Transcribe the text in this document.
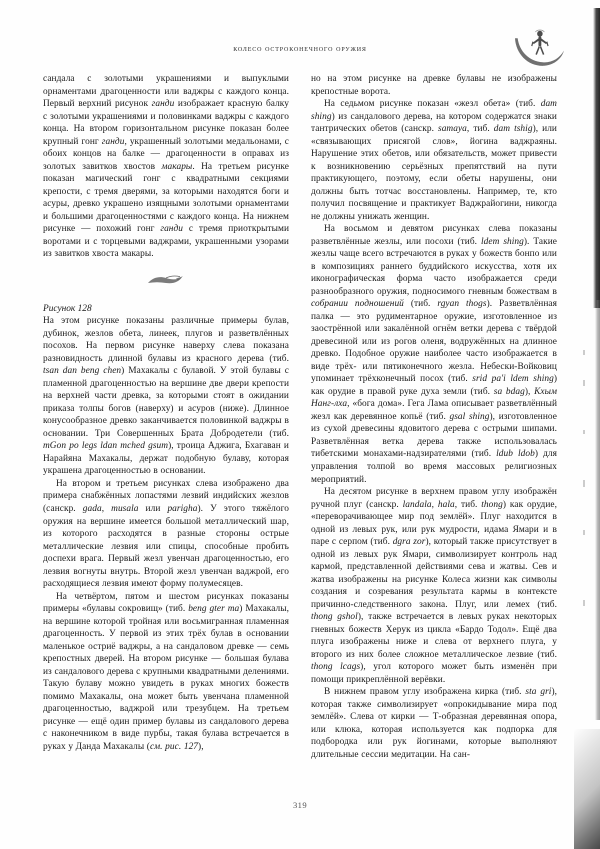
колесо остроконечного оружия

сандала с золотыми украшениями и выпуклыми орнаментами драгоценности или ваджры с каждого конца. Первый верхний рисунок ганди изображает красную балку с золотыми украшениями и половинками ваджры с каждого конца. На втором горизонтальном рисунке показан более крупный гонг ганди, украшенный золотыми медальонами, с обоих концов на балке — драгоценности в оправах из золотых завитков хвостов макары. На третьем рисунке показан магический гонг с квадратными секциями крепости, с тремя дверями, за которыми находятся боги и асуры, древко украшено изящными золотыми орнаментами и большими драгоценностями с каждого конца. На нижнем рисунке — похожий гонг ганди с тремя приоткрытыми воротами и с торцевыми ваджрами, украшенными узорами из завитков хвоста макары.

Рисунок 128

На этом рисунке показаны различные примеры булав, дубинок, жезлов обета, линеек, плугов и разветвлённых посохов. На первом рисунке наверху слева показана разновидность длинной булавы из красного дерева (тиб. tsan dan beng chen) Махакалы с булавой. У этой булавы с пламенной драгоценностью на вершине две двери крепости на верхней части древка, за которыми стоят в ожидании приказа толпы богов (наверху) и асуров (ниже). Длинное конусообразное древко заканчивается половинкой ваджры в основании. Три Совершенных Брата Добродетели (тиб. mGon po legs ldan mched gsum), троица Аджига, Бхагаван и Нарайяна Махакалы, держат подобную булаву, которая украшена драгоценностью в основании.

На втором и третьем рисунках слева изображено два примера снабжённых лопастями лезвий индийских жезлов (санскр. gada, musala или parigha). У этого тяжёлого оружия на вершине имеется большой металлический шар, из которого расходятся в разные стороны острые металлические лезвия или спицы, способные пробить доспехи врага. Первый жезл увенчан драгоценностью, его лезвия вогнуты внутрь. Второй жезл увенчан ваджрой, его расходящиеся лезвия имеют форму полумесяцев.

На четвёртом, пятом и шестом рисунках показаны примеры «булавы сокровищ» (тиб. beng gter ma) Махакалы, на вершине которой тройная или восьмигранная пламенная драгоценность. У первой из этих трёх булав в основании маленькое остриё ваджры, а на сандаловом древке — семь крепостных дверей. На втором рисунке — большая булава из сандалового дерева с крупными квадратными делениями. Такую булаву можно увидеть в руках многих божеств помимо Махакалы, она может быть увенчана пламенной драгоценностью, ваджрой или трезубцем. На третьем рисунке — ещё один пример булавы из сандалового дерева с наконечником в виде пурбы, такая булава встречается в руках у Данда Махакалы (см. рис. 127),

но на этом рисунке на древке булавы не изображены крепостные ворота.

На седьмом рисунке показан «жезл обета» (тиб. dam shing) из сандалового дерева, на котором содержатся знаки тантрических обетов (санскр. samaya, тиб. dam tshig), или «связывающих присягой слов», йогина ваджраяны. Нарушение этих обетов, или обязательств, может привести к возникновению серьёзных препятствий на пути практикующего, поэтому, если обеты нарушены, они должны быть тотчас восстановлены. Например, те, кто получил посвящение и практикует Ваджрайогини, никогда не должны унижать женщин.

На восьмом и девятом рисунках слева показаны разветвлённые жезлы, или посохи (тиб. ldem shing). Такие жезлы чаще всего встречаются в руках у божеств бонпо или в композициях раннего буддийского искусства, хотя их иконографическая форма часто изображается среди разнообразного оружия, подносимого гневным божествам в собрании подношений (тиб. rgyan thogs). Разветвлённая палка — это рудиментарное оружие, изготовленное из заострённой или закалённой огнём ветки дерева с твёрдой древесиной или из рогов оленя, водружённых на длинное древко. Подобное оружие наиболее часто изображается в виде трёх- или пятиконечного жезла. Небески-Войковиц упоминает трёхконечный посох (тиб. srid pa'i ldem shing) как орудие в правой руке духа земли (тиб. sa bdag), Кхым Нанг-лха, «бога дома». Гега Лама описывает разветвлённый жезл как деревянное копьё (тиб. gsal shing), изготовленное из сухой древесины ядовитого дерева с острыми шипами. Разветвлённая ветка дерева также использовалась тибетскими монахами-надзирателями (тиб. ldub ldob) для управления толпой во время массовых религиозных мероприятий.

На десятом рисунке в верхнем правом углу изображён ручной плуг (санскр. landala, hala, тиб. thong) как орудие, «переворачивающее мир под землёй». Плуг находится в одной из левых рук, или рук мудрости, идама Ямари и в паре с серпом (тиб. dgra zor), который также присутствует в одной из левых рук Ямари, символизирует контроль над кармой, представленной действиями сева и жатвы. Сев и жатва изображены на рисунке Колеса жизни как символы создания и созревания результата кармы в контексте причинно-следственного закона. Плуг, или лемех (тиб. thong gshol), также встречается в левых руках некоторых гневных божеств Херук из цикла «Бардо Тодол». Ещё два плуга изображены ниже и слева от верхнего плуга, у второго из них более сложное металлическое лезвие (тиб. thong lcags), угол которого может быть изменён при помощи прикреплённой верёвки.

В нижнем правом углу изображена кирка (тиб. sta gri), которая также символизирует «опрокидывание мира под землёй». Слева от кирки — Т-образная деревянная опора, или клюка, которая используется как подпорка для подбородка или рук йогинами, которые выполняют длительные сессии медитации. На сан-

319
